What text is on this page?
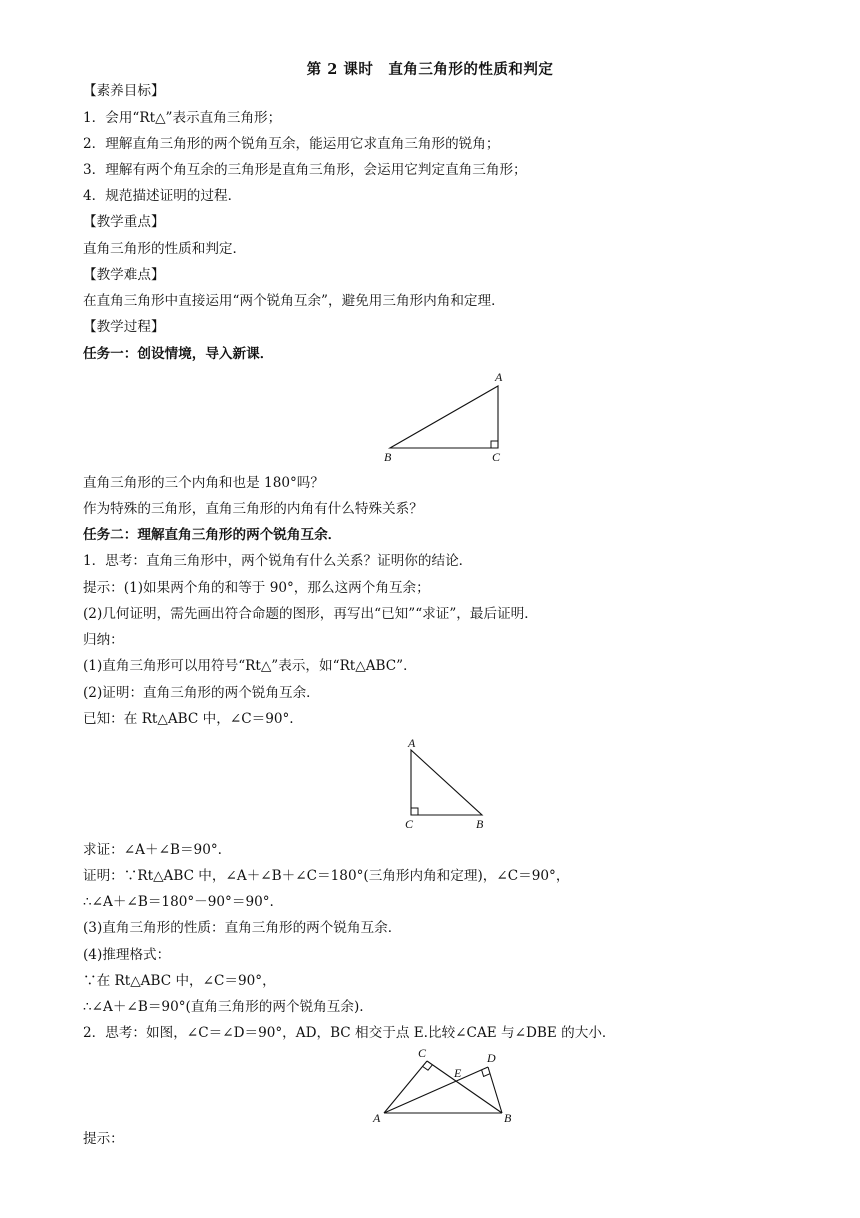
第 2 课时　直角三角形的性质和判定
【素养目标】
1．会用“Rt△”表示直角三角形；
2．理解直角三角形的两个锐角互余，能运用它求直角三角形的锐角；
3．理解有两个角互余的三角形是直角三角形，会运用它判定直角三角形；
4．规范描述证明的过程．
【教学重点】
直角三角形的性质和判定．
【教学难点】
在直角三角形中直接运用“两个锐角互余”，避免用三角形内角和定理．
【教学过程】
任务一：创设情境，导入新课．
A
B	C
直角三角形的三个内角和也是 180°吗？
作为特殊的三角形，直角三角形的内角有什么特殊关系？
任务二：理解直角三角形的两个锐角互余．
1．思考：直角三角形中，两个锐角有什么关系？证明你的结论．
提示：(1)如果两个角的和等于 90°，那么这两个角互余；
(2)几何证明，需先画出符合命题的图形，再写出“已知”“求证”，最后证明．
归纳：
(1)直角三角形可以用符号“Rt△”表示，如“Rt△ABC”．
(2)证明：直角三角形的两个锐角互余．
已知：在 Rt△ABC 中，∠C＝90°.
A
C	B
求证：∠A＋∠B＝90°.
证明：∵Rt△ABC 中，∠A＋∠B＋∠C＝180°(三角形内角和定理)，∠C＝90°，
∴∠A＋∠B＝180°－90°＝90°.
(3)直角三角形的性质：直角三角形的两个锐角互余．
(4)推理格式：
∵在 Rt△ABC 中，∠C＝90°，
∴∠A＋∠B＝90°(直角三角形的两个锐角互余).
2．思考：如图，∠C＝∠D＝90°，AD，BC 相交于点 E.比较∠CAE 与∠DBE 的大小．
A	B
C	D
E
提示：
